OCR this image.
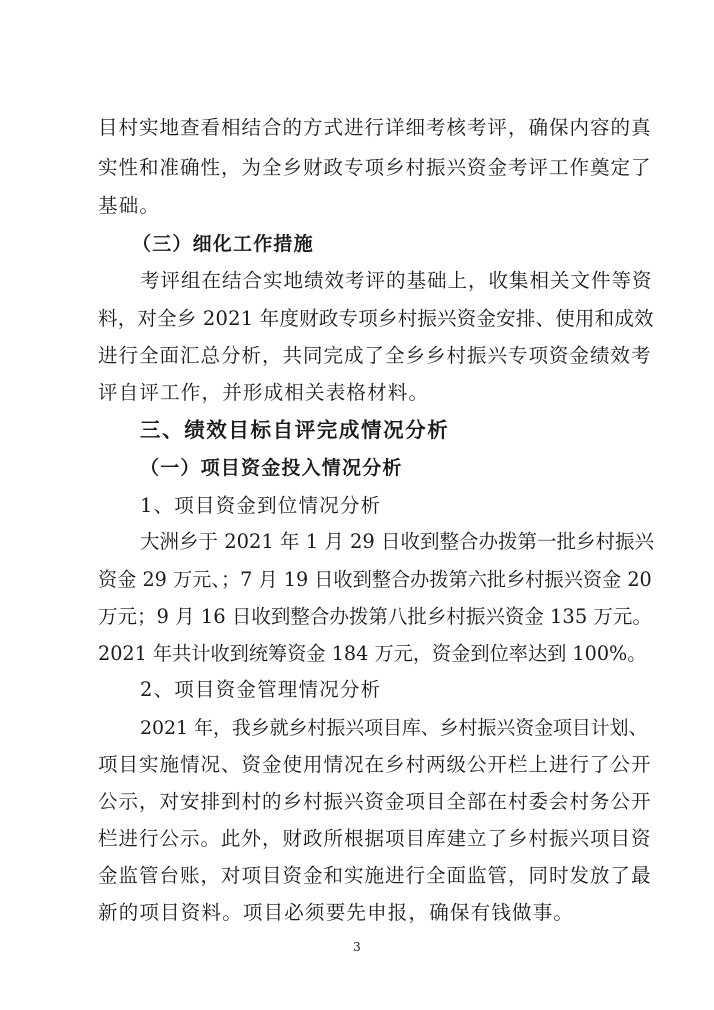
目村实地查看相结合的方式进行详细考核考评，确保内容的真
实性和准确性，为全乡财政专项乡村振兴资金考评工作奠定了
基础。
（三）细化工作措施
考评组在结合实地绩效考评的基础上，收集相关文件等资
料，对全乡 2021 年度财政专项乡村振兴资金安排、使用和成效
进行全面汇总分析，共同完成了全乡乡村振兴专项资金绩效考
评自评工作，并形成相关表格材料。
三、绩效目标自评完成情况分析
（一）项目资金投入情况分析
1、项目资金到位情况分析
大洲乡于 2021 年 1 月 29 日收到整合办拨第一批乡村振兴
资金 29 万元、；7 月 19 日收到整合办拨第六批乡村振兴资金 20
万元；9 月 16 日收到整合办拨第八批乡村振兴资金 135 万元。
2021 年共计收到统筹资金 184 万元，资金到位率达到 100%。
2、项目资金管理情况分析
2021 年，我乡就乡村振兴项目库、乡村振兴资金项目计划、
项目实施情况、资金使用情况在乡村两级公开栏上进行了公开
公示，对安排到村的乡村振兴资金项目全部在村委会村务公开
栏进行公示。此外，财政所根据项目库建立了乡村振兴项目资
金监管台账，对项目资金和实施进行全面监管，同时发放了最
新的项目资料。项目必须要先申报，确保有钱做事。
3
